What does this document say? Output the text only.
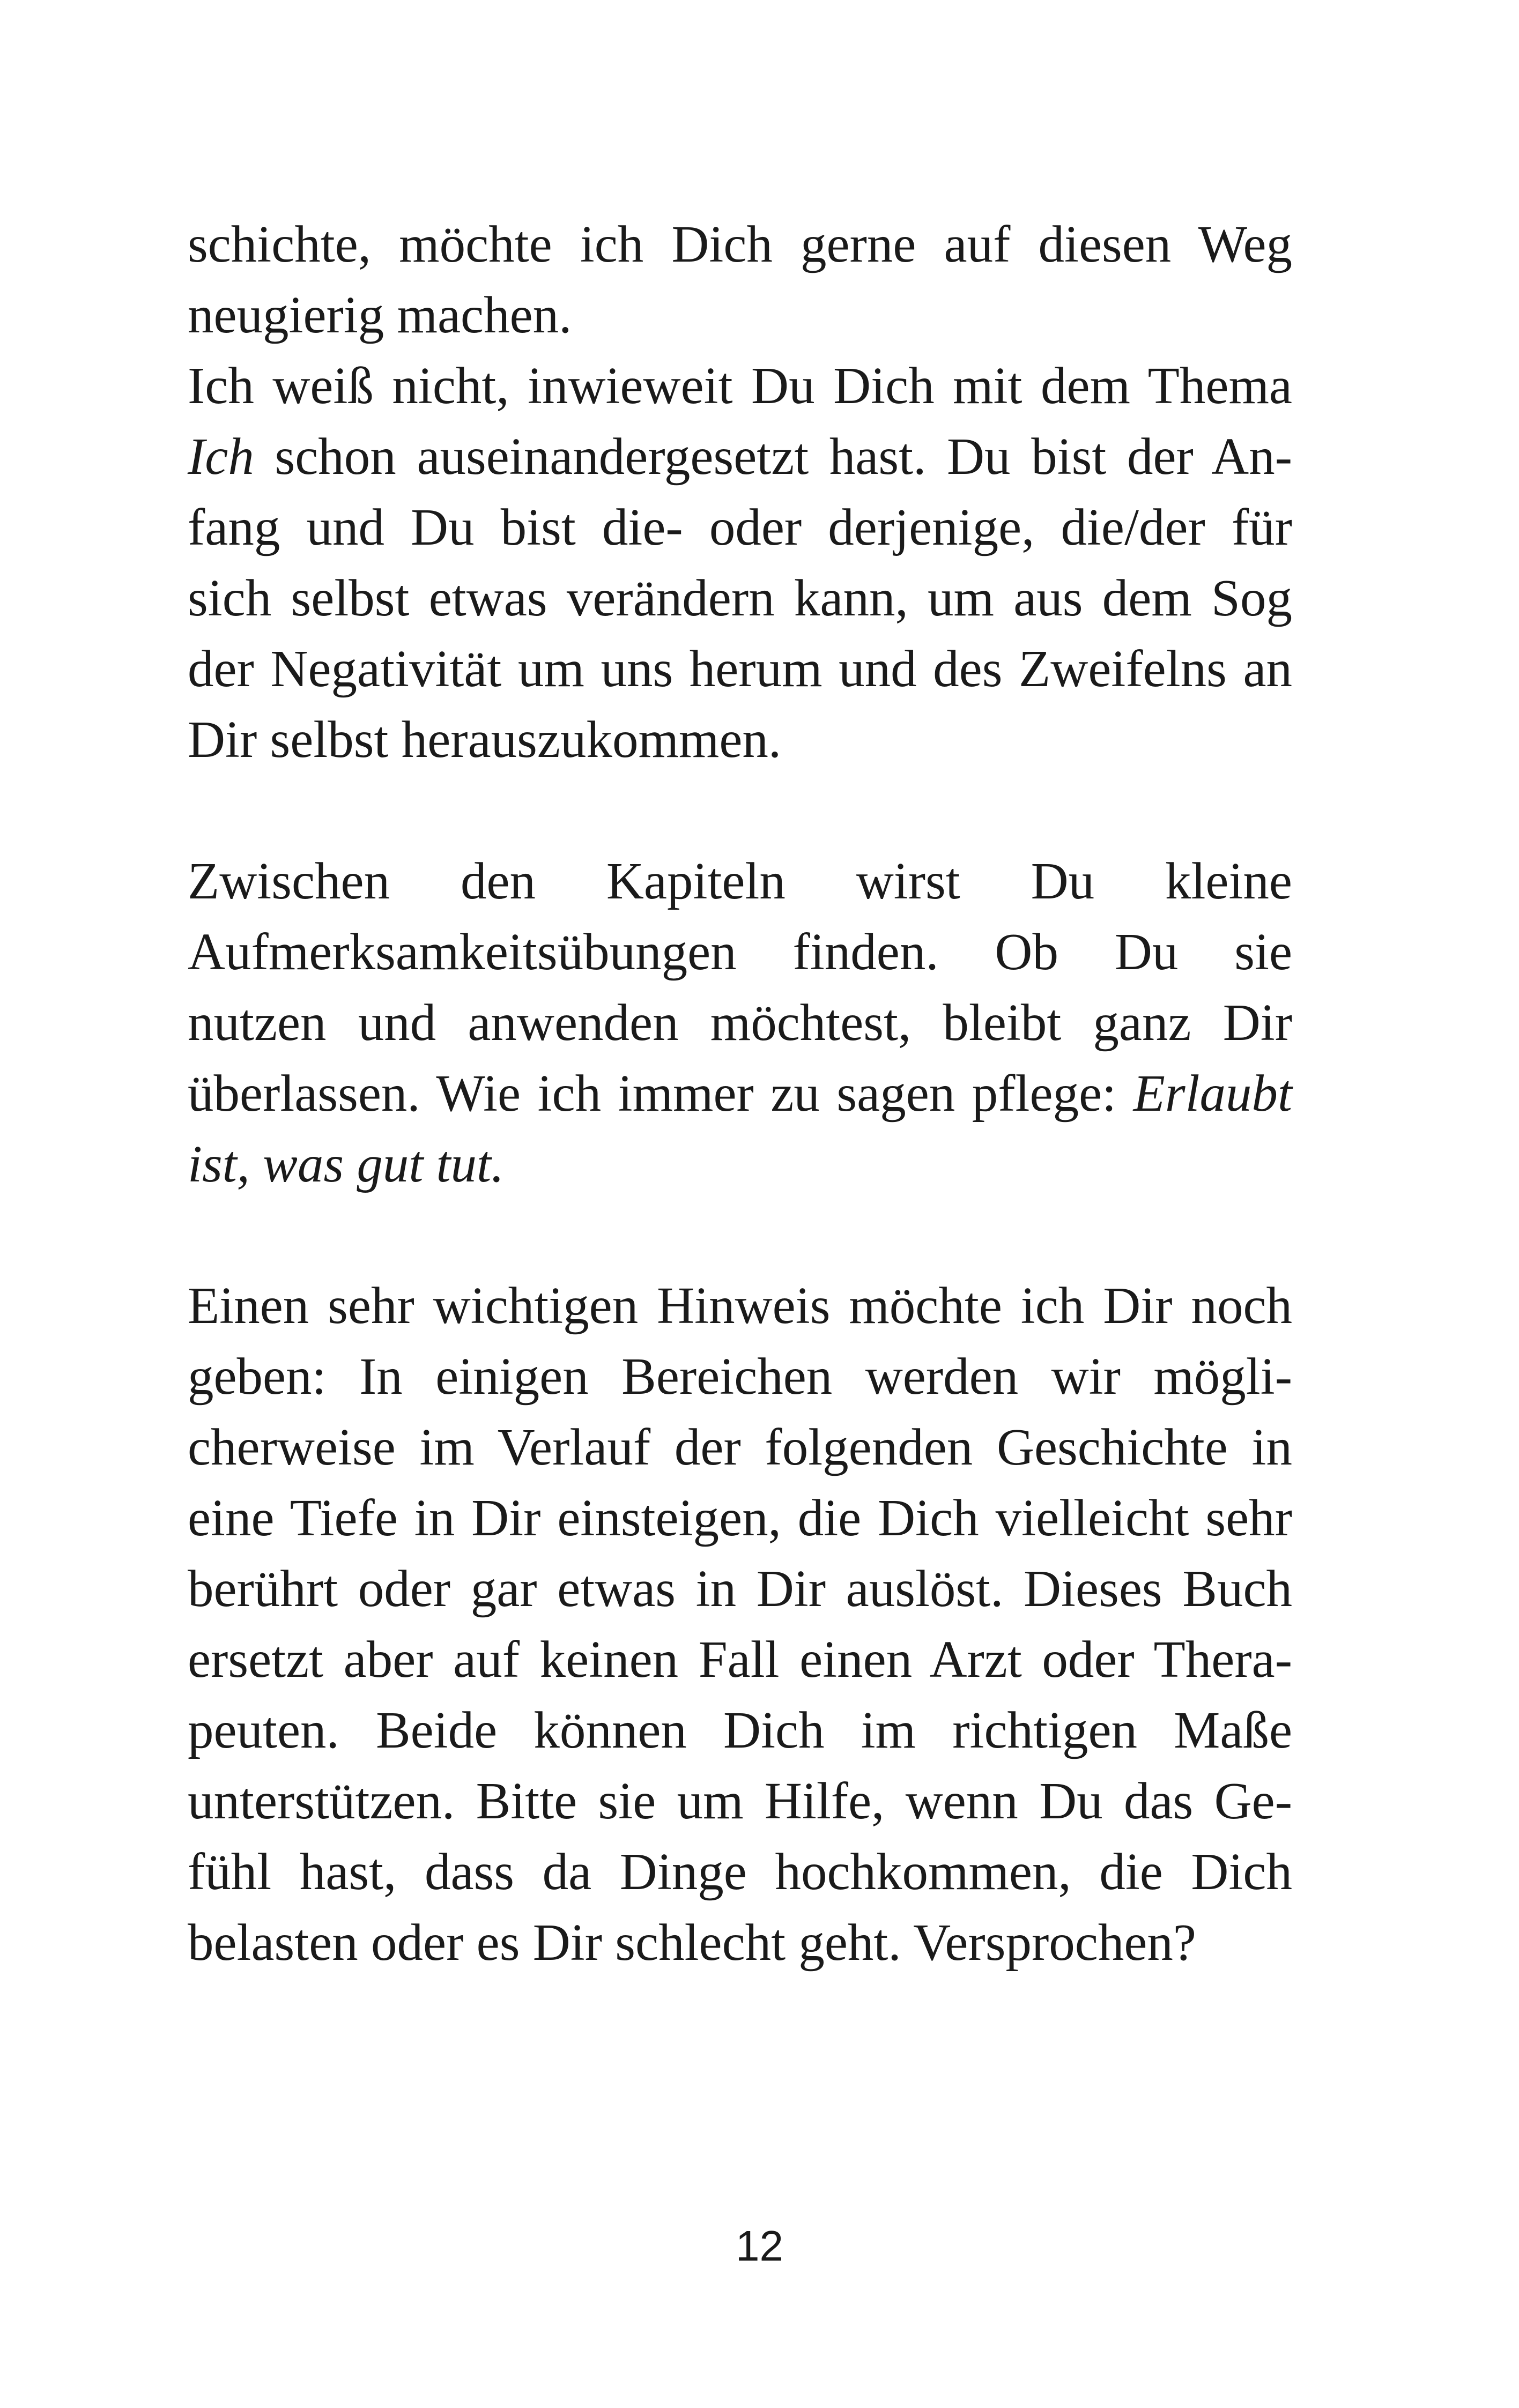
schichte, möchte ich Dich gerne auf diesen Weg
neugierig machen.
Ich weiß nicht, inwieweit Du Dich mit dem Thema
Ich schon auseinandergesetzt hast. Du bist der An-
fang und Du bist die- oder derjenige, die/der für
sich selbst etwas verändern kann, um aus dem Sog
der Negativität um uns herum und des Zweifelns an
Dir selbst herauszukommen.
Zwischen den Kapiteln wirst Du kleine
Aufmerksamkeitsübungen finden. Ob Du sie
nutzen und anwenden möchtest, bleibt ganz Dir
überlassen. Wie ich immer zu sagen pflege: Erlaubt
ist, was gut tut.
Einen sehr wichtigen Hinweis möchte ich Dir noch
geben: In einigen Bereichen werden wir mögli-
cherweise im Verlauf der folgenden Geschichte in
eine Tiefe in Dir einsteigen, die Dich vielleicht sehr
berührt oder gar etwas in Dir auslöst. Dieses Buch
ersetzt aber auf keinen Fall einen Arzt oder Thera-
peuten. Beide können Dich im richtigen Maße
unterstützen. Bitte sie um Hilfe, wenn Du das Ge-
fühl hast, dass da Dinge hochkommen, die Dich
belasten oder es Dir schlecht geht. Versprochen?
12
